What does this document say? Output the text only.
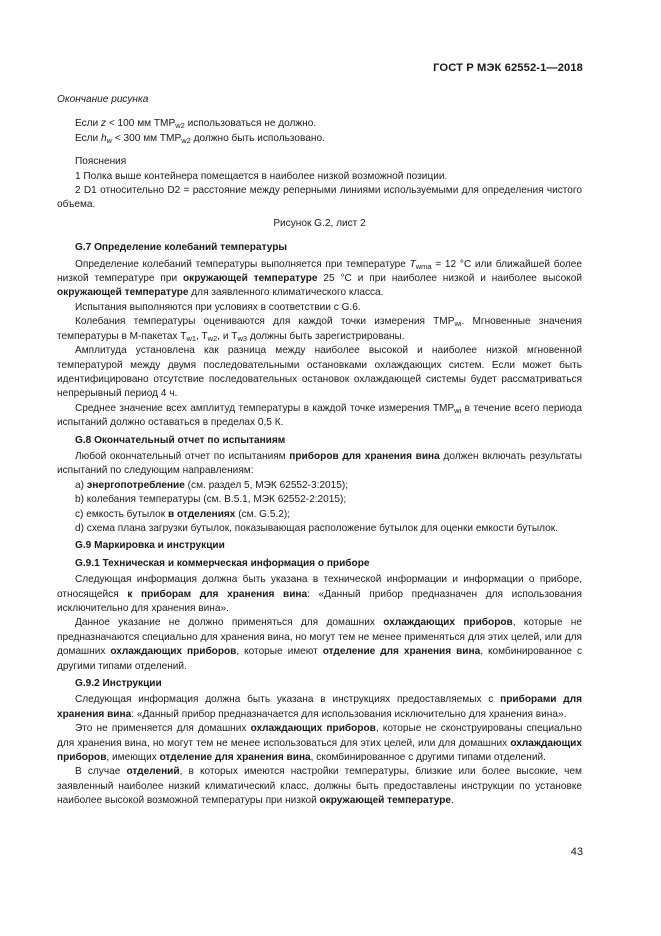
ГОСТ Р МЭК 62552-1—2018

Окончание рисунка

Если z < 100 мм $TMP_{w2}$ использоваться не должно.

Если $h_w < 300$ мм $TMP_{w2}$ должно быть использовано.

Пояснения

1 Полка выше контейнера помещается в наиболее низкой возможной позиции.

2 D1 относительно D2 = расстояние между реперными линиями используемыми для определения чистого объема.

Рисунок G.2, лист 2

G.7 Определение колебаний температуры

Определение колебаний температуры выполняется при температуре $T_{wma} = 12$ °С или ближайшей более низкой температуре при окружающей температуре 25 °С и при наиболее низкой и наиболее высокой окружающей температуре для заявленного климатического класса.

Испытания выполняются при условиях в соответствии с G.6.

Колебания температуры оцениваются для каждой точки измерения $TMP_{wi}$. Мгновенные значения температуры в М-пакетах $T_{w1}$, $T_{w2}$, и $T_{w3}$ должны быть зарегистрированы.

Амплитуда установлена как разница между наиболее высокой и наиболее низкой мгновенной температурой между двумя последовательными остановками охлаждающих систем. Если может быть идентифицировано отсутствие последовательных остановок охлаждающей системы будет рассматриваться непрерывный период 4 ч.

Среднее значение всех амплитуд температуры в каждой точке измерения $TMP_{wi}$ в течение всего периода испытаний должно оставаться в пределах 0,5 К.

G.8 Окончательный отчет по испытаниям

Любой окончательный отчет по испытаниям приборов для хранения вина должен включать результаты испытаний по следующим направлениям:

a) энергопотребление (см. раздел 5, МЭК 62552-3:2015);

b) колебания температуры (см. В.5.1, МЭК 62552-2:2015);

c) емкость бутылок в отделениях (см. G.5.2);

d) схема плана загрузки бутылок, показывающая расположение бутылок для оценки емкости бутылок.

G.9 Маркировка и инструкции

G.9.1 Техническая и коммерческая информация о приборе

Следующая информация должна быть указана в технической информации и информации о приборе, относящейся к приборам для хранения вина: «Данный прибор предназначен для использования исключительно для хранения вина».

Данное указание не должно применяться для домашних охлаждающих приборов, которые не предназначаются специально для хранения вина, но могут тем не менее применяться для этих целей, или для домашних охлаждающих приборов, которые имеют отделение для хранения вина, комбинированное с другими типами отделений.

G.9.2 Инструкции

Следующая информация должна быть указана в инструкциях предоставляемых с приборами для хранения вина: «Данный прибор предназначается для использования исключительно для хранения вина».

Это не применяется для домашних охлаждающих приборов, которые не сконструированы специально для хранения вина, но могут тем не менее использоваться для этих целей, или для домашних охлаждающих приборов, имеющих отделение для хранения вина, скомбинированное с другими типами отделений.

В случае отделений, в которых имеются настройки температуры, близкие или более высокие, чем заявленный наиболее низкий климатический класс, должны быть предоставлены инструкции по установке наиболее высокой возможной температуры при низкой окружающей температуре.

43
